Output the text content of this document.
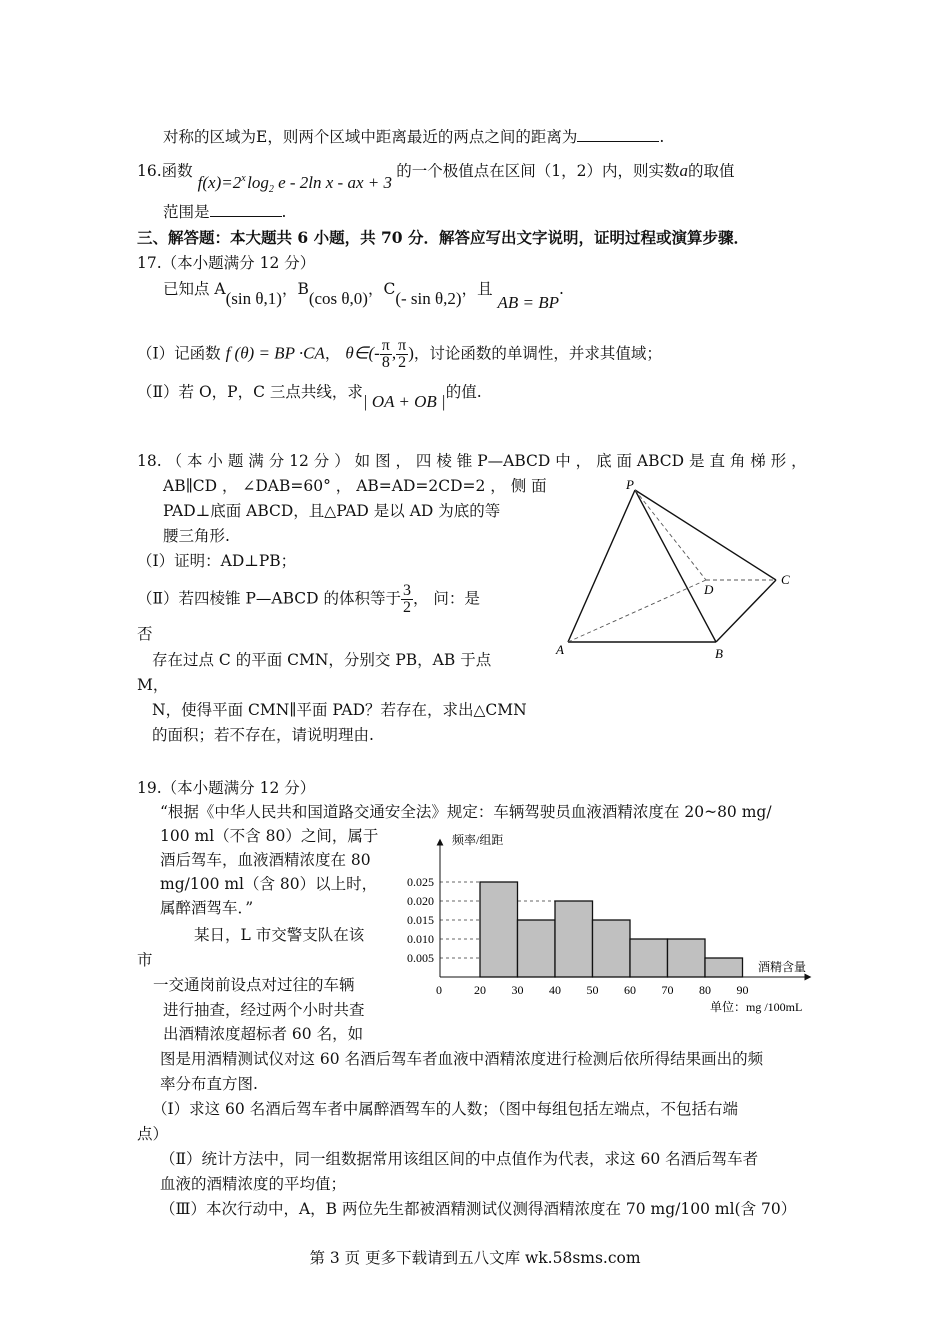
对称的区域为E，则两个区域中距离最近的两点之间的距离为	.
16.函数 $f(x)=2^x$ $\log_2 e - 2\ln$ x - ax + 3 的一个极值点在区间（1，2）内，则实数a的取值
范围是	.
三、解答题：本大题共 6 小题，共 70 分．解答应写出文字说明，证明过程或演算步骤．
17.（本小题满分 12 分）
已知点 A(sin θ,1)，B(cos θ,0)，C(- sin θ,2)，且 AB = BP.
（Ⅰ）记函数 f (θ) = BP ·CA， θ∈(- $\frac{\pi}{8}$ , $\frac{\pi}{2}$ )，讨论函数的单调性，并求其值域；
（Ⅱ）若 O，P，C 三点共线，求| OA + OB |的值.
18. （ 本 小 题 满 分 12 分 ） 如 图 ， 四 棱 锥 P—ABCD 中 ， 底 面 ABCD 是 直 角 梯 形 ，
AB∥CD ， ∠DAB=60° ， AB=AD=2CD=2 ， 侧 面
PAD⊥底面 ABCD，且△PAD 是以 AD 为底的等
腰三角形.
（Ⅰ）证明：AD⊥PB；
（Ⅱ）若四棱锥 P—ABCD 的体积等于 $\frac{3}{2}$ ， 问：是
否
存在过点 C 的平面 CMN，分别交 PB，AB 于点
M，
N，使得平面 CMN∥平面 PAD？若存在，求出△CMN
的面积；若不存在，请说明理由.
P
A	B
C
D
19.（本小题满分 12 分）
“根据《中华人民共和国道路交通安全法》规定：车辆驾驶员血液酒精浓度在 20~80 mg/
100 ml（不含 80）之间，属于
酒后驾车，血液酒精浓度在 80
mg/100 ml（含 80）以上时，
属醉酒驾车．”
某日，L 市交警支队在该
市
一交通岗前设点对过往的车辆
进行抽查，经过两个小时共查
出酒精浓度超标者 60 名，如
图是用酒精测试仪对这 60 名酒后驾车者血液中酒精浓度进行检测后依所得结果画出的频
率分布直方图.
（Ⅰ）求这 60 名酒后驾车者中属醉酒驾车的人数；（图中每组包括左端点，不包括右端
点）
（Ⅱ）统计方法中，同一组数据常用该组区间的中点值作为代表，求这 60 名酒后驾车者
血液的酒精浓度的平均值；
（Ⅲ）本次行动中，A，B 两位先生都被酒精测试仪测得酒精浓度在 70 mg/100 ml(含 70）
0.005
0.010
0.015
0.020
0.025
20 30 40 50 60 70 80 90
频率/组距
酒精含量
0
单位：mg /100mL
第 3 页 更多下载请到五八文库 wk.58sms.com
